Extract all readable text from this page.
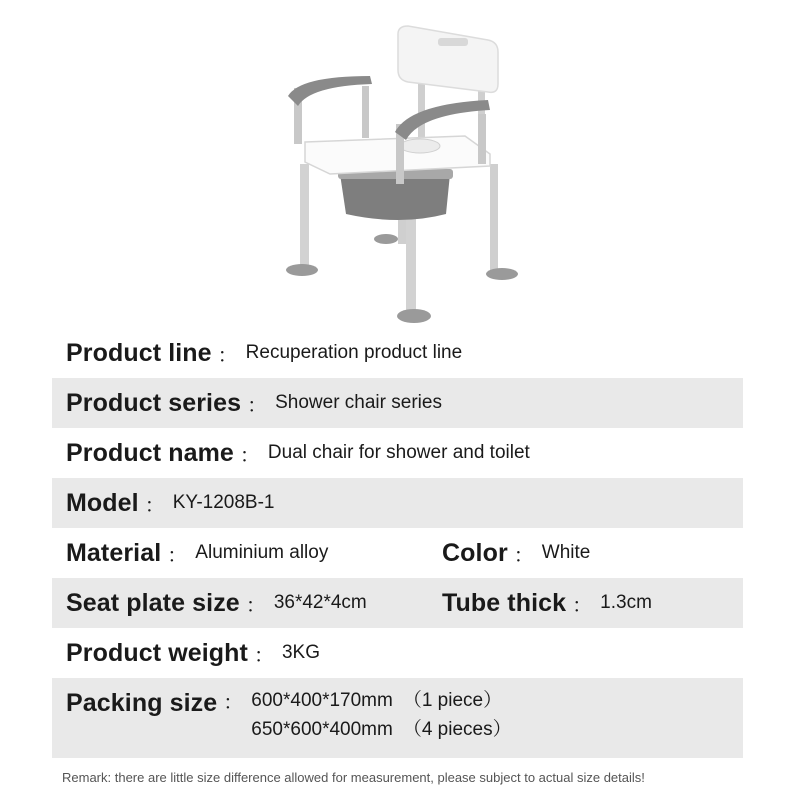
Product line ： Recuperation product line
Product series ： Shower chair series
Product name ： Dual chair for shower and toilet
Model ： KY-1208B-1
Material ： Aluminium alloy	Color ： White
Seat plate size ： 36*42*4cm	Tube thick ： 1.3cm
Product weight ： 3KG
Packing size ： 600*400*170mm （1 piece）
650*600*400mm （4 pieces）
Remark: there are little size difference allowed for measurement, please subject to actual size details!
